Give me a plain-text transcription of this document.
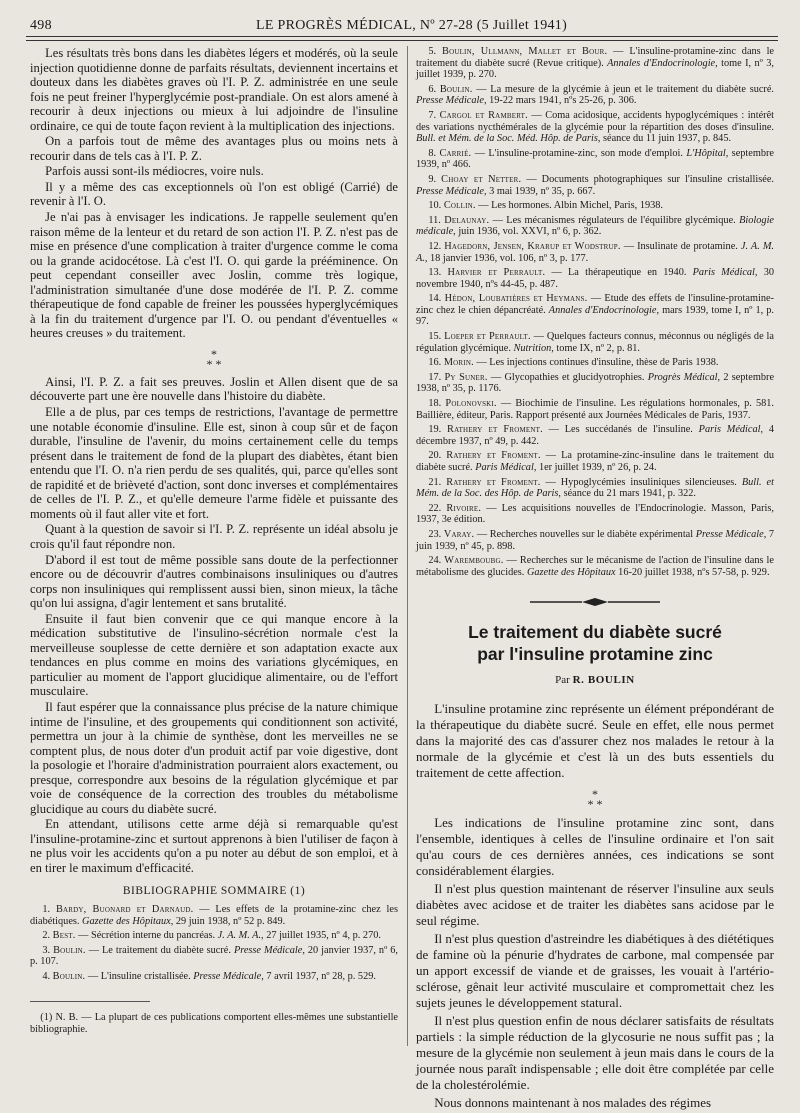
498	LE PROGRÈS MÉDICAL, Nº 27-28 (5 Juillet 1941)

Les résultats très bons dans les diabètes légers et modérés, où la seule injection quotidienne donne de parfaits résultats, deviennent incertains et douteux dans les diabètes graves où l'I. P. Z. administrée en une seule fois ne peut freiner l'hyperglycémie post-prandiale. On est alors amené à recourir à deux injections ou mieux à lui adjoindre de l'insuline ordinaire, ce qui de toute façon revient à la multiplication des injections.

On a parfois tout de même des avantages plus ou moins nets à recourir dans de tels cas à l'I. P. Z.

Parfois aussi sont-ils médiocres, voire nuls.

Il y a même des cas exceptionnels où l'on est obligé (Carrié) de revenir à l'I. O.

Je n'ai pas à envisager les indications. Je rappelle seulement qu'en raison même de la lenteur et du retard de son action l'I. P. Z. n'est pas de mise en présence d'une complication à traiter d'urgence comme le coma ou la grande acidocétose. Là c'est l'I. O. qui garde la prééminence. On peut cependant conseiller avec Joslin, comme très logique, l'administration simultanée d'une dose modérée de l'I. P. Z. comme thérapeutique de fond capable de freiner les poussées hyperglycémiques à la fin du traitement d'urgence par l'I. O. ou pendant d'éventuelles « heures creuses » du traitement.

*
* *

Ainsi, l'I. P. Z. a fait ses preuves. Joslin et Allen disent que de sa découverte part une ère nouvelle dans l'histoire du diabète.

Elle a de plus, par ces temps de restrictions, l'avantage de permettre une notable économie d'insuline. Elle est, sinon à coup sûr et de façon durable, l'insuline de l'avenir, du moins certainement celle du temps présent dans le traitement de fond de la plupart des diabètes, étant bien entendu que l'I. O. n'a rien perdu de ses qualités, qui, parce qu'elles sont de rapidité et de brièveté d'action, sont donc inverses et complémentaires de celles de l'I. P. Z., et qu'elle demeure l'arme fidèle et puissante des moments où il faut aller vite et fort.

Quant à la question de savoir si l'I. P. Z. représente un idéal absolu je crois qu'il faut répondre non.

D'abord il est tout de même possible sans doute de la perfectionner encore ou de découvrir d'autres combinaisons insuliniques ou d'autres corps non insuliniques qui remplissent aussi bien, sinon mieux, la tâche qu'on lui assigna, d'agir lentement et sans brutalité.

Ensuite il faut bien convenir que ce qui manque encore à la médication substitutive de l'insulino-sécrétion normale c'est la merveilleuse souplesse de cette dernière et son adaptation exacte aux tendances en plus comme en moins des variations glycémiques, en particulier au moment de l'apport glucidique alimentaire, ou de l'effort musculaire.

Il faut espérer que la connaissance plus précise de la nature chimique intime de l'insuline, et des groupements qui conditionnent son activité, permettra un jour à la chimie de synthèse, dont les merveilles ne se comptent plus, de nous doter d'un produit actif par voie digestive, dont la posologie et l'horaire d'administration pourraient alors exactement, ou presque, correspondre aux besoins de la régulation glycémique et par voie de conséquence de la correction des troubles du métabolisme glucidique au cours du diabète sucré.

En attendant, utilisons cette arme déjà si remarquable qu'est l'insuline-protamine-zinc et surtout apprenons à bien l'utiliser de façon à ne plus voir les accidents qu'on a pu noter au début de son emploi, et à en tirer le maximum d'efficacité.

BIBLIOGRAPHIE SOMMAIRE (1)

1. Bardy, Buonard et Darnaud. — Les effets de la protamine-zinc chez les diabétiques. Gazette des Hôpitaux, 29 juin 1938, nº 52 p. 849.

2. Best. — Sécrétion interne du pancréas. J. A. M. A., 27 juillet 1935, nº 4, p. 270.

3. Boulin. — Le traitement du diabète sucré. Presse Médicale, 20 janvier 1937, nº 6, p. 107.

4. Boulin. — L'insuline cristallisée. Presse Médicale, 7 avril 1937, nº 28, p. 529.

(1) N. B. — La plupart de ces publications comportent elles-mêmes une substantielle bibliographie.

5. Boulin, Ullmann, Mallet et Bour. — L'insuline-protamine-zinc dans le traitement du diabète sucré (Revue critique). Annales d'Endocrinologie, tome I, nº 3, juillet 1939, p. 270.

6. Boulin. — La mesure de la glycémie à jeun et le traitement du diabète sucré. Presse Médicale, 19-22 mars 1941, nºs 25-26, p. 306.

7. Cargol et Rambert. — Coma acidosique, accidents hypoglycémiques : intérêt des variations nycthémérales de la glycémie pour la répartition des doses d'insuline. Bull. et Mém. de la Soc. Méd. Hôp. de Paris, séance du 11 juin 1937, p. 845.

8. Carrié. — L'insuline-protamine-zinc, son mode d'emploi. L'Hôpital, septembre 1939, nº 466.

9. Choay et Netter. — Documents photographiques sur l'insuline cristallisée. Presse Médicale, 3 mai 1939, nº 35, p. 667.

10. Collin. — Les hormones. Albin Michel, Paris, 1938.

11. Delaunay. — Les mécanismes régulateurs de l'équilibre glycémique. Biologie médicale, juin 1936, vol. XXVI, nº 6, p. 362.

12. Hagedorn, Jensen, Krarup et Wodstrup. — Insulinate de protamine. J. A. M. A., 18 janvier 1936, vol. 106, nº 3, p. 177.

13. Harvier et Perrault. — La thérapeutique en 1940. Paris Médical, 30 novembre 1940, nºs 44-45, p. 487.

14. Hédon, Loubatières et Heymans. — Etude des effets de l'insuline-protamine-zinc chez le chien dépancréaté. Annales d'Endocrinologie, mars 1939, tome I, nº 1, p. 97.

15. Loeper et Perrault. — Quelques facteurs connus, méconnus ou négligés de la régulation glycémique. Nutrition, tome IX, nº 2, p. 81.

16. Morin. — Les injections continues d'insuline, thèse de Paris 1938.

17. Py Suner. — Glycopathies et glucidyotrophies. Progrès Médical, 2 septembre 1938, nº 35, p. 1176.

18. Polonovski. — Biochimie de l'insuline. Les régulations hormonales, p. 581. Baillière, éditeur, Paris. Rapport présenté aux Journées Médicales de Paris, 1937.

19. Rathery et Froment. — Les succédanés de l'insuline. Paris Médical, 4 décembre 1937, nº 49, p. 442.

20. Rathery et Froment. — La protamine-zinc-insuline dans le traitement du diabète sucré. Paris Médical, 1er juillet 1939, nº 26, p. 24.

21. Rathery et Froment. — Hypoglycémies insuliniques silencieuses. Bull. et Mém. de la Soc. des Hôp. de Paris, séance du 21 mars 1941, p. 322.

22. Rivoire. — Les acquisitions nouvelles de l'Endocrinologie. Masson, Paris, 1937, 3e édition.

23. Varay. — Recherches nouvelles sur le diabète expérimental Presse Médicale, 7 juin 1939, nº 45, p. 898.

24. Waremboubg. — Recherches sur le mécanisme de l'action de l'insuline dans le métabolisme des glucides. Gazette des Hôpitaux 16-20 juillet 1938, nºs 57-58, p. 929.

Le traitement du diabète sucré
par l'insuline protamine zinc
Par R. BOULIN

L'insuline protamine zinc représente un élément prépondérant de la thérapeutique du diabète sucré. Seule en effet, elle nous permet dans la majorité des cas d'assurer chez nos malades le retour à la normale de la glycémie et c'est là un des buts essentiels du traitement de cette affection.

*
* *

Les indications de l'insuline protamine zinc sont, dans l'ensemble, identiques à celles de l'insuline ordinaire et l'on sait qu'au cours de ces dernières années, ces indications se sont considérablement élargies.

Il n'est plus question maintenant de réserver l'insuline aux seuls diabètes avec acidose et de traiter les diabètes sans acidose par le seul régime.

Il n'est plus question d'astreindre les diabétiques à des diététiques de famine où la pénurie d'hydrates de carbone, mal compensée par un apport excessif de viande et de graisses, les vouait à l'artério-sclérose, gênait leur activité musculaire et compromettait chez les sujets jeunes le développement statural.

Il n'est plus question enfin de nous déclarer satisfaits de résultats partiels : la simple réduction de la glycosurie ne nous suffit pas ; la mesure de la glycémie non seulement à jeun mais dans le cours de la journée nous paraît indispensable ; elle doit être complétée par celle de la cholestérolémie.

Nous donnons maintenant à nos malades des régimes
